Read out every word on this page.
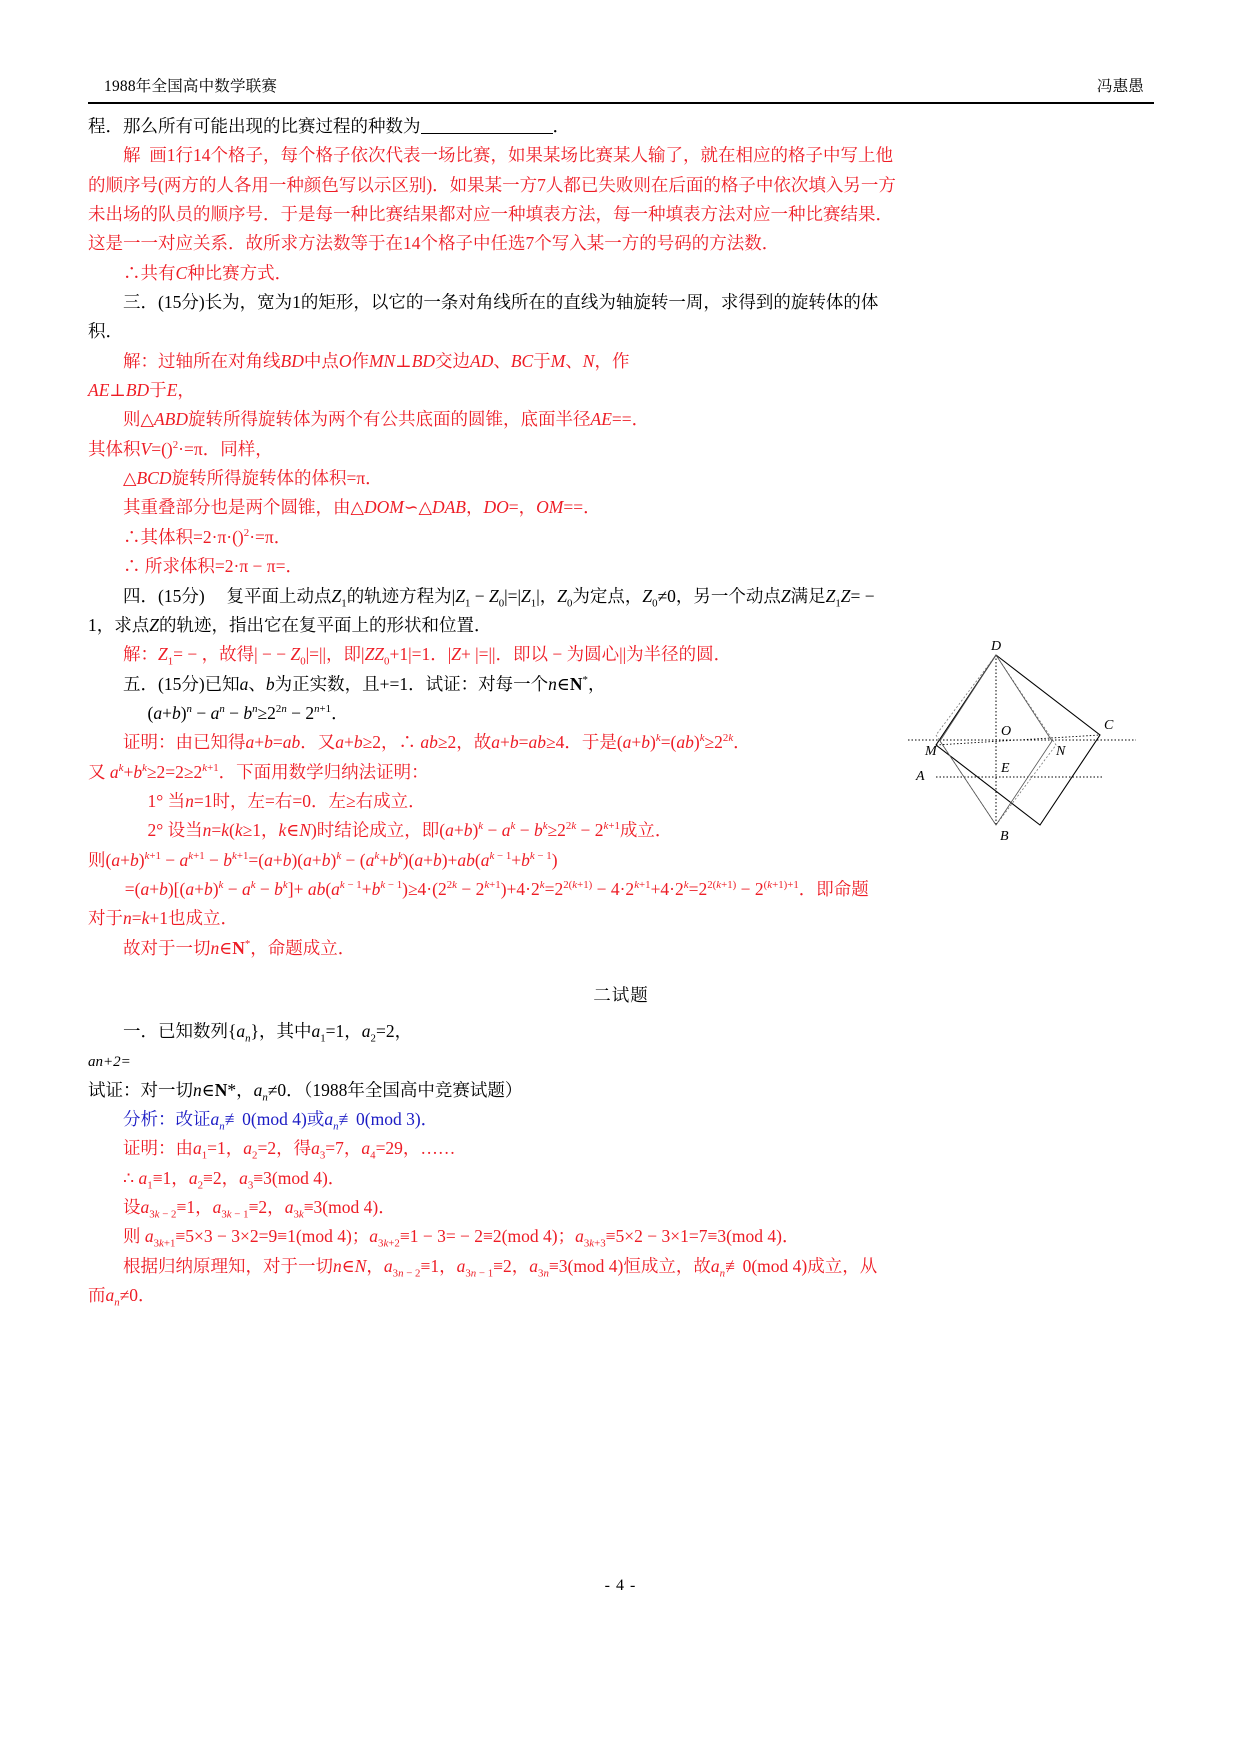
1988年全国高中数学联赛	冯惠愚

程．那么所有可能出现的比赛过程的种数为	．

解 画1行14个格子，每个格子依次代表一场比赛，如果某场比赛某人输了，就在相应的格子中写上他

的顺序号(两方的人各用一种颜色写以示区别)．如果某一方7人都已失败则在后面的格子中依次填入另一方

未出场的队员的顺序号．于是每一种比赛结果都对应一种填表方法，每一种填表方法对应一种比赛结果．

这是一一对应关系．故所求方法数等于在14个格子中任选7个写入某一方的号码的方法数．

∴共有C种比赛方式．

三．(15分)长为，宽为1的矩形，以它的一条对角线所在的直线为轴旋转一周，求得到的旋转体的体

积．

解：过轴所在对角线BD中点O作MN⊥BD交边AD、BC于M、N，作

AE⊥BD于E，

则△ABD旋转所得旋转体为两个有公共底面的圆锥，底面半径AE==．

其体积V=()$^2$·=π．同样，

△BCD旋转所得旋转体的体积=π．

其重叠部分也是两个圆锥，由△DOM∽△DAB，DO=，OM==．

∴其体积=2·π·()$^2$·=π．

∴ 所求体积=2·π − π=．

D
C
O
M	N
E
A
B

四．(15分)     复平面上动点$Z_1$的轨迹方程为$|Z_1 - Z_0|=|Z_1|$，$Z_0$为定点，$Z_0\ne 0$，另一个动点Z满足$Z_1Z=$ −

1，求点Z的轨迹，指出它在复平面上的形状和位置．

解：$Z_1=$ − ，故得| − − $Z_0|=||$，即$|ZZ_0+1|=1$．|Z+ |=||．即以 − 为圆心||为半径的圆．

五．(15分)已知a、b为正实数，且+=1．试证：对每一个n∈N*，

$(a+b)^n - a^n - b^n\ge 2^{2n} - 2^{n+1}$．

证明：由已知得a+b=ab．又a+b≥2，∴ ab≥2，故a+b=ab≥4．于是$(a+b)^k=(ab)^k\ge 2^{2k}$．

又 $a^k+b^k\ge 2=2\ge 2^{k+1}$．下面用数学归纳法证明：

1° 当n=1时，左=右=0．左≥右成立．

2° 设当n=k(k≥1，k∈N)时结论成立，即$(a+b)^k - a^k - b^k\ge 2^{2k} - 2^{k+1}$成立．

则$(a+b)^{k+1} - a^{k+1} - b^{k+1}=(a+b)(a+b)^k - (a^k+b^k)(a+b)+ab(a^{k - 1}+b^{k - 1})$

$=(a+b)[(a+b)^k - a^k - b^k]+ ab(a^{k - 1}+b^{k - 1})\ge 4\cdot(2^{2k} - 2^{k+1})+4\cdot 2^k=2^{2(k+1)} - 4\cdot 2^{k+1}+4\cdot 2^k=2^{2(k+1)} - 2^{(k+1)+1}$．即命题

对于n=k+1也成立．

故对于一切n∈N*，命题成立．

二试题

一．已知数列$\{a_n\}$，其中$a_1=1$，$a_2=2$，

an+2=

试证：对一切n∈N*，$a_n\ne 0$．（1988年全国高中竞赛试题）

分析：改证$a_n≢0(mod$ 4)或$a_n≢0(mod$ 3)．

证明：由$a_1=1$，$a_2=2$，得$a_3=7$，$a_4=29$，……

∴ $a_1\equiv 1$，$a_2\equiv 2$，$a_3\equiv 3(mod$ 4)．

设$a_{3k - 2}\equiv 1$，$a_{3k - 1}\equiv 2$，$a_{3k}\equiv 3(mod$ 4)．

则 $a_{3k+1}\equiv 5\times 3 - 3\times 2=9\equiv 1(mod$ 4)；$a_{3k+2}\equiv 1 - 3= - 2\equiv 2(mod$ 4)；$a_{3k+3}\equiv 5\times 2 - 3\times 1=7\equiv 3(mod$ 4)．

根据归纳原理知，对于一切n∈N，$a_{3n - 2}\equiv 1$，$a_{3n - 1}\equiv 2$，$a_{3n}\equiv 3(mod$ 4)恒成立，故$a_n≢0(mod$ 4)成立，从

而$a_n\ne 0$．

- 4 -
